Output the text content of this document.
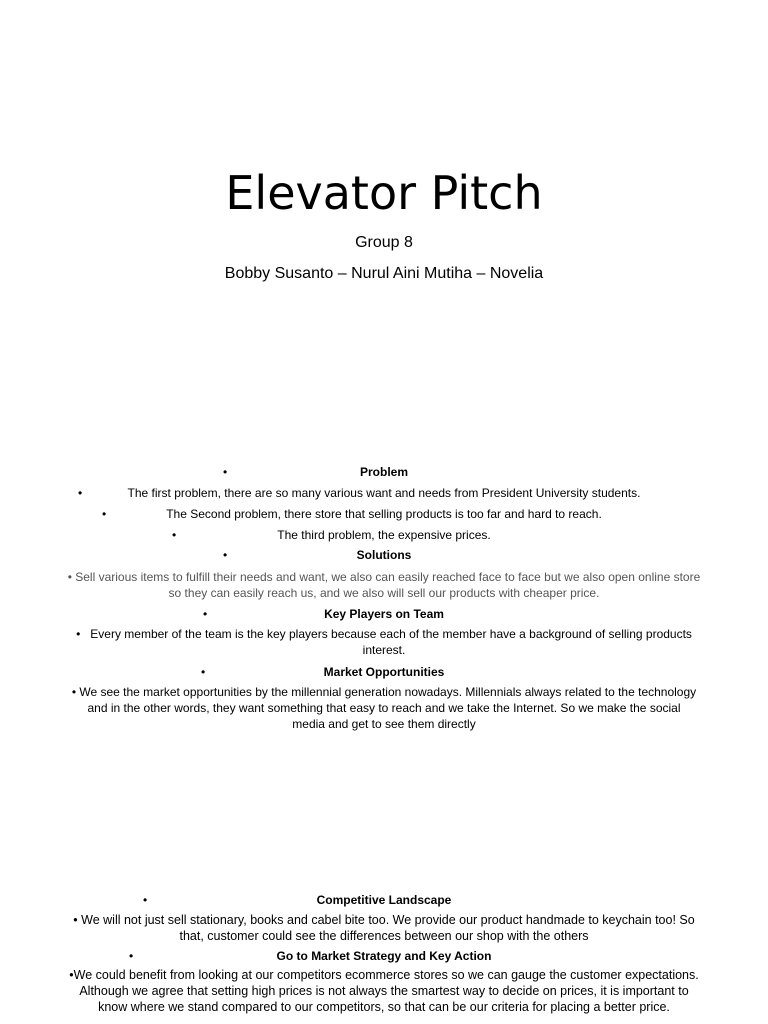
Elevator Pitch
Group 8
Bobby Susanto – Nurul Aini Mutiha – Novelia
•	Problem
•	The first problem, there are so many various want and needs from President University students.
•	The Second problem, there store that selling products is too far and hard to reach.
•	The third problem, the expensive prices.
•	Solutions

• Sell various items to fulfill their needs and want, we also can easily reached face to face but we also open online store

so they can easily reach us, and we also will sell our products with cheaper price.

•	Key Players on Team

•   Every member of the team is the key players because each of the member have a background of selling products

interest.

•	Market Opportunities

• We see the market opportunities by the millennial generation nowadays. Millennials always related to the technology

and in the other words, they want something that easy to reach and we take the Internet. So we make the social

media and get to see them directly

•	Competitive Landscape

• We will not just sell stationary, books and cabel bite too. We provide our product handmade to keychain too! So

that, customer could see the differences between our shop with the others

•	Go to Market Strategy and Key Action

•We could benefit from looking at our competitors ecommerce stores so we can gauge the customer expectations.

Although we agree that setting high prices is not always the smartest way to decide on prices, it is important to

know where we stand compared to our competitors, so that can be our criteria for placing a better price.
